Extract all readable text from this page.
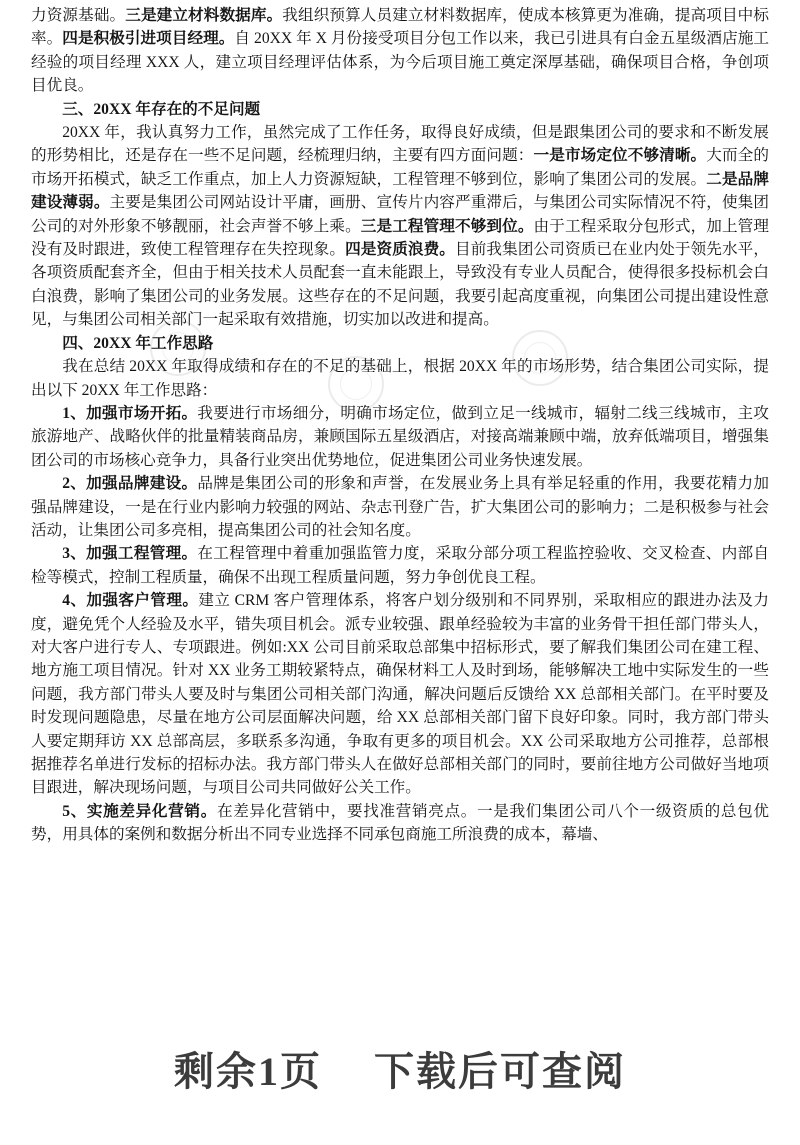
力资源基础。三是建立材料数据库。我组织预算人员建立材料数据库，使成本核算更为准确，提高项目中标率。四是积极引进项目经理。自 20XX 年 X 月份接受项目分包工作以来，我已引进具有白金五星级酒店施工经验的项目经理 XXX 人，建立项目经理评估体系，为今后项目施工奠定深厚基础，确保项目合格，争创项目优良。
三、20XX 年存在的不足问题
20XX 年，我认真努力工作，虽然完成了工作任务，取得良好成绩，但是跟集团公司的要求和不断发展的形势相比，还是存在一些不足问题，经梳理归纳，主要有四方面问题：一是市场定位不够清晰。大而全的市场开拓模式，缺乏工作重点，加上人力资源短缺，工程管理不够到位，影响了集团公司的发展。二是品牌建设薄弱。主要是集团公司网站设计平庸，画册、宣传片内容严重滞后，与集团公司实际情况不符，使集团公司的对外形象不够靓丽，社会声誉不够上乘。三是工程管理不够到位。由于工程采取分包形式，加上管理没有及时跟进，致使工程管理存在失控现象。四是资质浪费。目前我集团公司资质已在业内处于领先水平，各项资质配套齐全，但由于相关技术人员配套一直未能跟上，导致没有专业人员配合，使得很多投标机会白白浪费，影响了集团公司的业务发展。这些存在的不足问题，我要引起高度重视，向集团公司提出建设性意见，与集团公司相关部门一起采取有效措施，切实加以改进和提高。
四、20XX 年工作思路
我在总结 20XX 年取得成绩和存在的不足的基础上，根据 20XX 年的市场形势，结合集团公司实际，提出以下 20XX 年工作思路：
1、加强市场开拓。我要进行市场细分，明确市场定位，做到立足一线城市，辐射二线三线城市，主攻旅游地产、战略伙伴的批量精装商品房，兼顾国际五星级酒店，对接高端兼顾中端，放弃低端项目，增强集团公司的市场核心竞争力，具备行业突出优势地位，促进集团公司业务快速发展。
2、加强品牌建设。品牌是集团公司的形象和声誉，在发展业务上具有举足轻重的作用，我要花精力加强品牌建设，一是在行业内影响力较强的网站、杂志刊登广告，扩大集团公司的影响力；二是积极参与社会活动，让集团公司多亮相，提高集团公司的社会知名度。
3、加强工程管理。在工程管理中着重加强监管力度，采取分部分项工程监控验收、交叉检查、内部自检等模式，控制工程质量，确保不出现工程质量问题，努力争创优良工程。
4、加强客户管理。建立 CRM 客户管理体系，将客户划分级别和不同界别，采取相应的跟进办法及力度，避免凭个人经验及水平，错失项目机会。派专业较强、跟单经验较为丰富的业务骨干担任部门带头人，对大客户进行专人、专项跟进。例如:XX 公司目前采取总部集中招标形式，要了解我们集团公司在建工程、地方施工项目情况。针对 XX 业务工期较紧特点，确保材料工人及时到场，能够解决工地中实际发生的一些问题，我方部门带头人要及时与集团公司相关部门沟通，解决问题后反馈给 XX 总部相关部门。在平时要及时发现问题隐患，尽量在地方公司层面解决问题，给 XX 总部相关部门留下良好印象。同时，我方部门带头人要定期拜访 XX 总部高层，多联系多沟通，争取有更多的项目机会。XX 公司采取地方公司推荐，总部根据推荐名单进行发标的招标办法。我方部门带头人在做好总部相关部门的同时，要前往地方公司做好当地项目跟进，解决现场问题，与项目公司共同做好公关工作。
5、实施差异化营销。在差异化营销中，要找准营销亮点。一是我们集团公司八个一级资质的总包优势，用具体的案例和数据分析出不同专业选择不同承包商施工所浪费的成本，幕墙、
剩余1页 下载后可查阅
